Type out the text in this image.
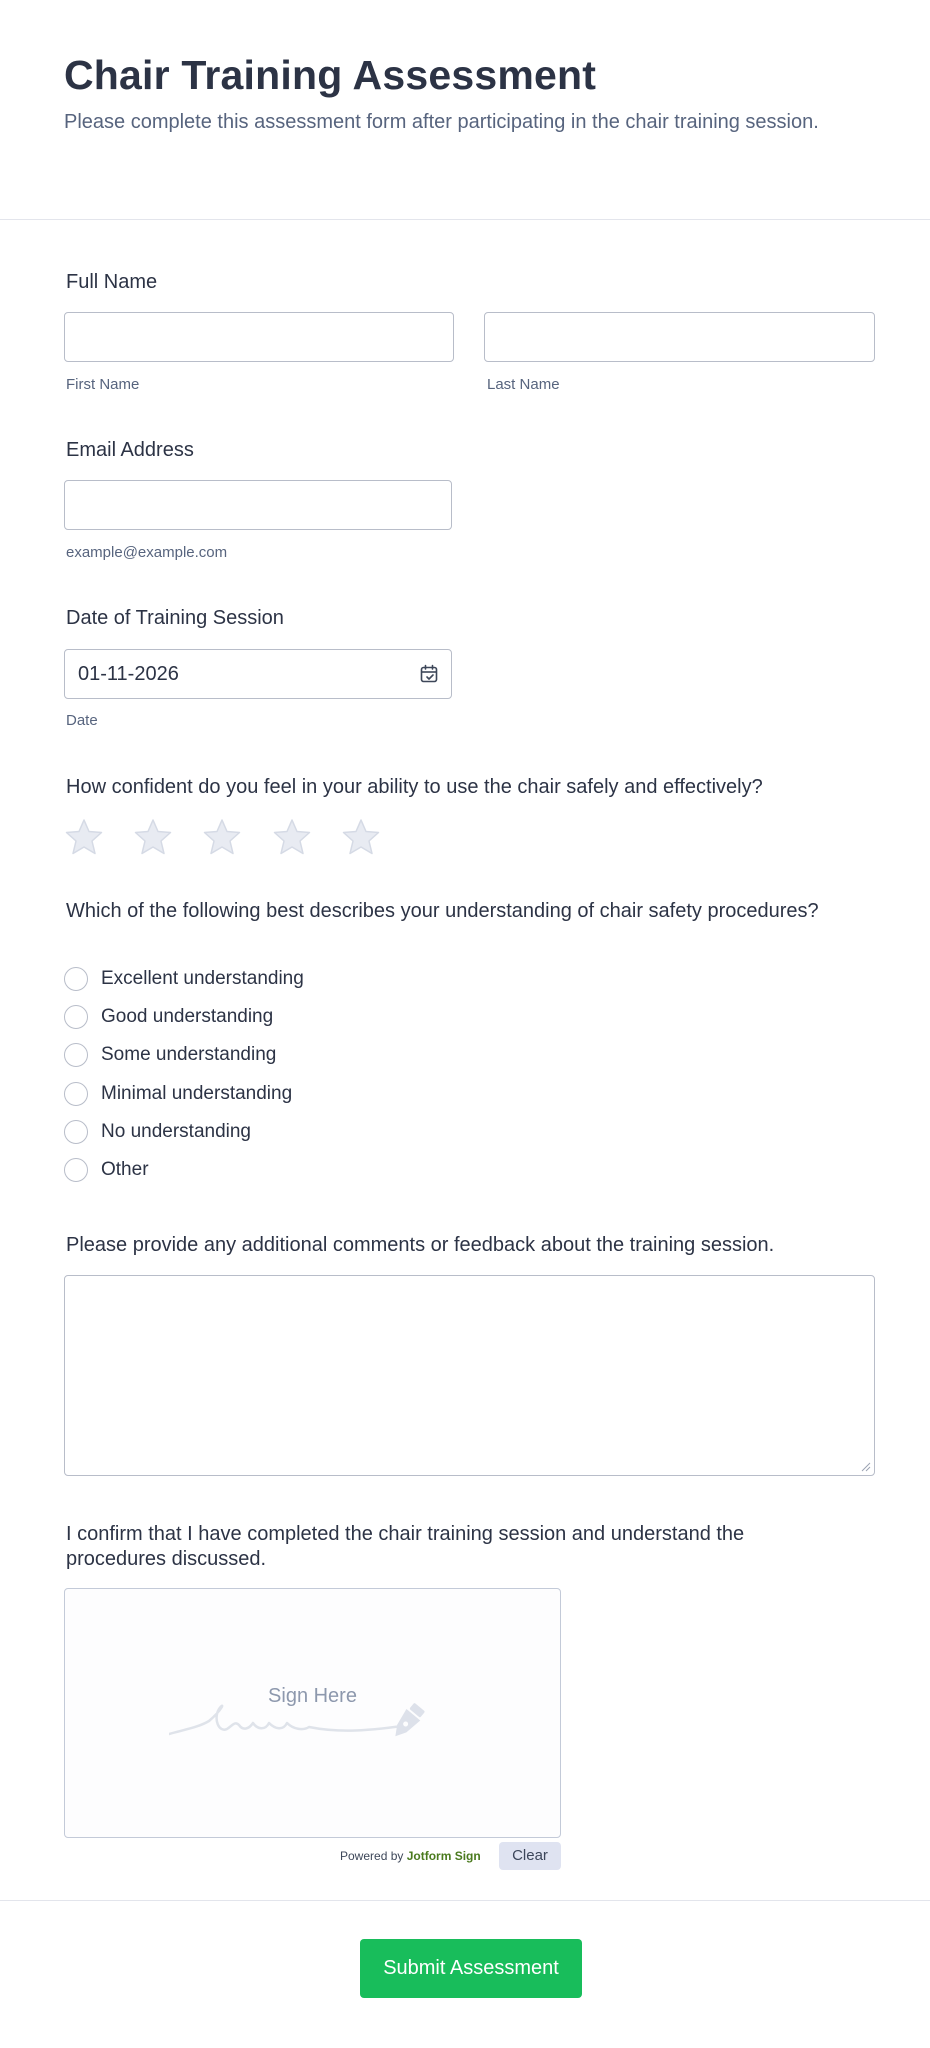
Chair Training Assessment
Please complete this assessment form after participating in the chair training session.
Full Name
First Name	Last Name
Email Address
example@example.com
Date of Training Session
01-11-2026
Date
How confident do you feel in your ability to use the chair safely and effectively?
Which of the following best describes your understanding of chair safety procedures?
Excellent understanding
Good understanding
Some understanding
Minimal understanding
No understanding
Other
Please provide any additional comments or feedback about the training session.
I confirm that I have completed the chair training session and understand the procedures discussed.
Sign Here
Powered by Jotform Sign	Clear
Submit Assessment
